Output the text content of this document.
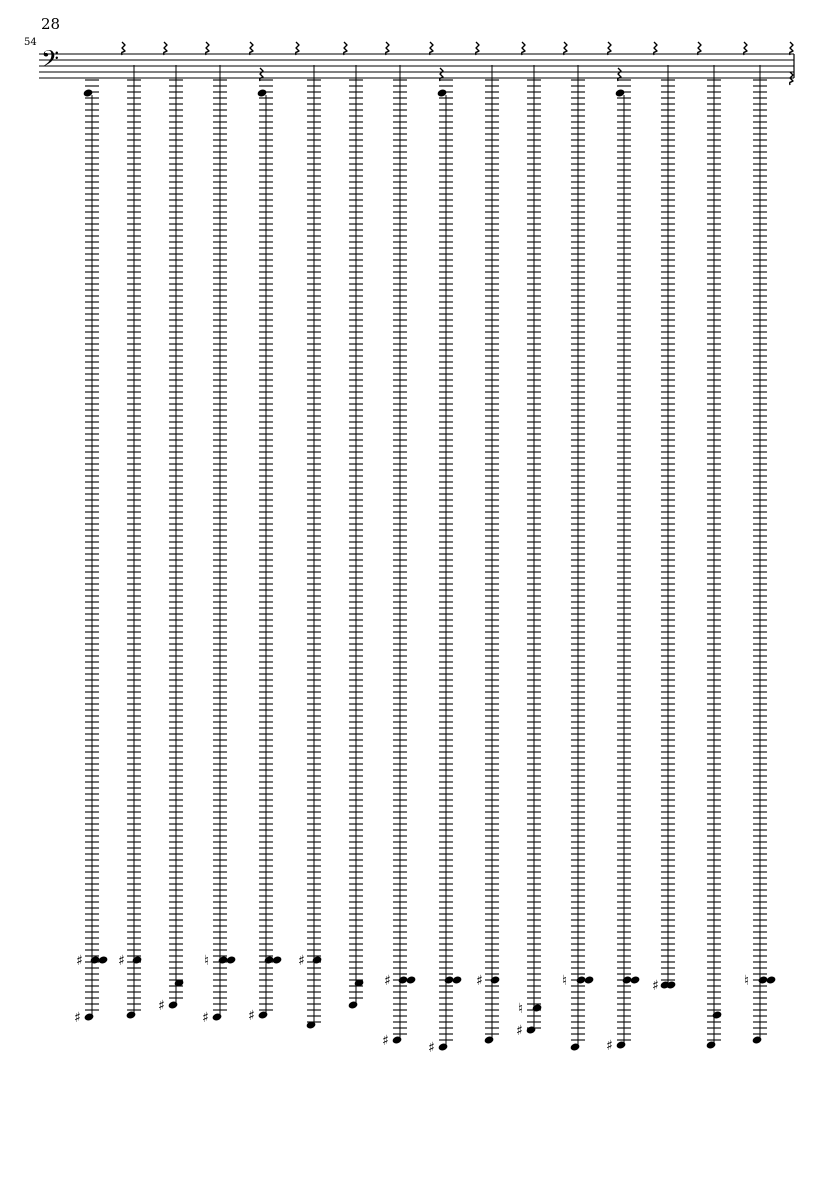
28
54
𝄢
♯
♯
♯
♯
♮
♯	♯
♯
♯
♯	♯
♯
♮
♯
♮
♯
♯	♮
